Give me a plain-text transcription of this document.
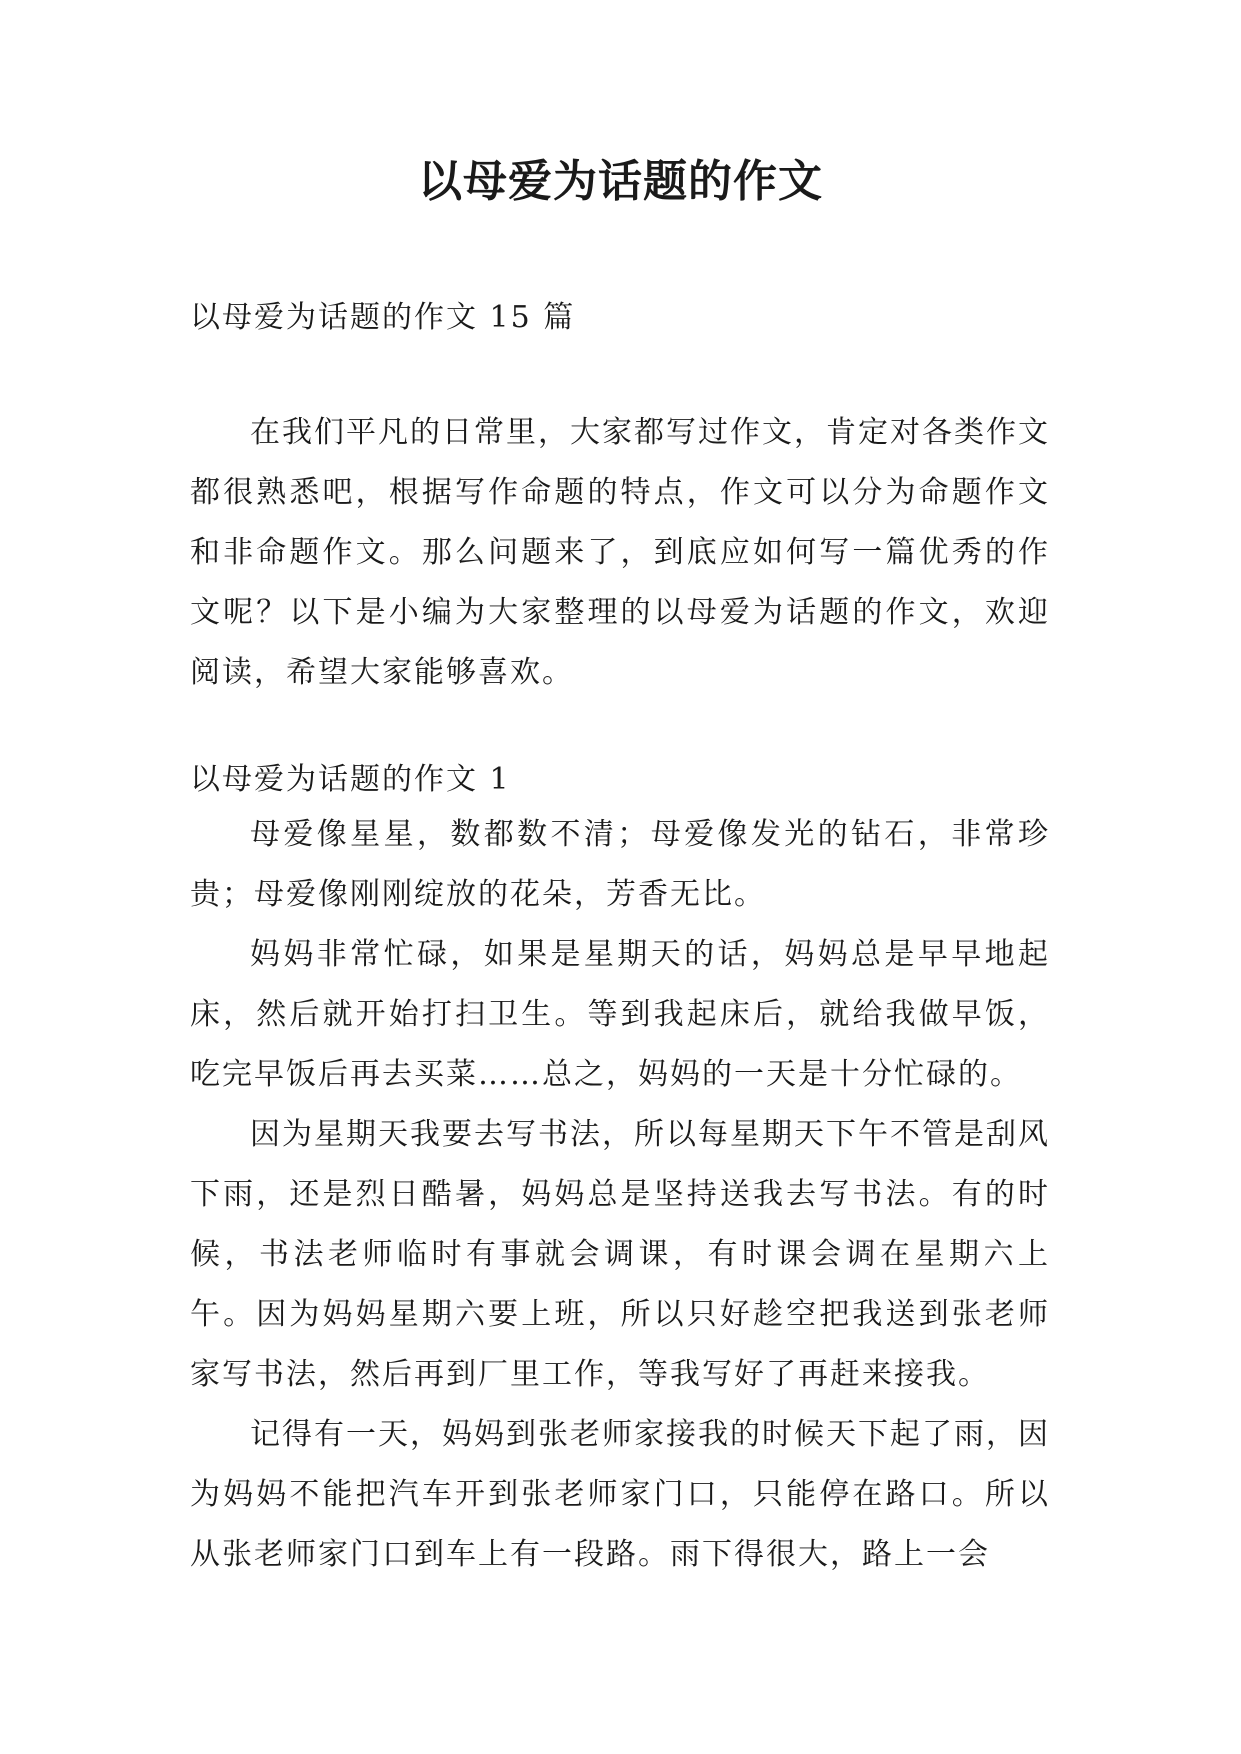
以母爱为话题的作文

以母爱为话题的作文 15 篇

在我们平凡的日常里，大家都写过作文，肯定对各类作文都很熟悉吧，根据写作命题的特点，作文可以分为命题作文和非命题作文。那么问题来了，到底应如何写一篇优秀的作文呢？以下是小编为大家整理的以母爱为话题的作文，欢迎阅读，希望大家能够喜欢。

以母爱为话题的作文 1

母爱像星星，数都数不清；母爱像发光的钻石，非常珍贵；母爱像刚刚绽放的花朵，芳香无比。

妈妈非常忙碌，如果是星期天的话，妈妈总是早早地起床，然后就开始打扫卫生。等到我起床后，就给我做早饭，吃完早饭后再去买菜……总之，妈妈的一天是十分忙碌的。

因为星期天我要去写书法，所以每星期天下午不管是刮风下雨，还是烈日酷暑，妈妈总是坚持送我去写书法。有的时候，书法老师临时有事就会调课，有时课会调在星期六上午。因为妈妈星期六要上班，所以只好趁空把我送到张老师家写书法，然后再到厂里工作，等我写好了再赶来接我。

记得有一天，妈妈到张老师家接我的时候天下起了雨，因为妈妈不能把汽车开到张老师家门口，只能停在路口。所以从张老师家门口到车上有一段路。雨下得很大，路上一会
